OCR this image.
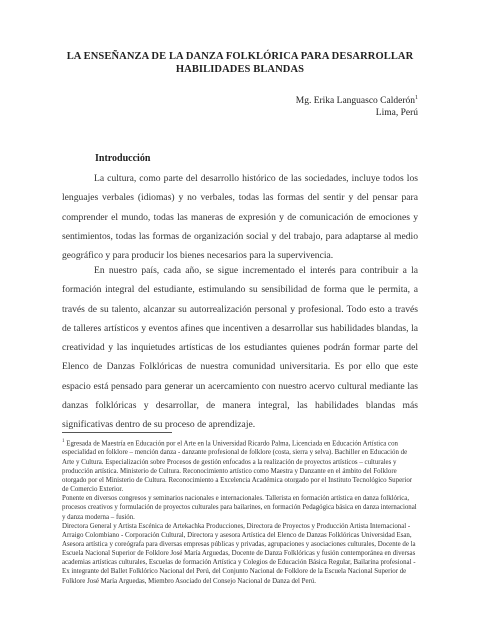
LA ENSEÑANZA DE LA DANZA FOLKLÓRICA PARA DESARROLLAR
HABILIDADES BLANDAS
Mg. Erika Languasco Calderón$^1$
Lima, Perú
Introducción

La cultura, como parte del desarrollo histórico de las sociedades, incluye todos los lenguajes verbales (idiomas) y no verbales, todas las formas del sentir y del pensar para comprender el mundo, todas las maneras de expresión y de comunicación de emociones y sentimientos, todas las formas de organización social y del trabajo, para adaptarse al medio geográfico y para producir los bienes necesarios para la supervivencia.

En nuestro país, cada año, se sigue incrementado el interés para contribuir a la formación integral del estudiante, estimulando su sensibilidad de forma que le permita, a través de su talento, alcanzar su autorrealización personal y profesional. Todo esto a través de talleres artísticos y eventos afines que incentiven a desarrollar sus habilidades blandas, la creatividad y las inquietudes artísticas de los estudiantes quienes podrán formar parte del Elenco de Danzas Folklóricas de nuestra comunidad universitaria. Es por ello que este espacio está pensado para generar un acercamiento con nuestro acervo cultural mediante las danzas folklóricas y desarrollar, de manera integral, las habilidades blandas más significativas dentro de su proceso de aprendizaje.

$^1$ Egresada de Maestría en Educación por el Arte en la Universidad Ricardo Palma, Licenciada en Educación Artística con especialidad en folklore – mención danza - danzante profesional de folklore (costa, sierra y selva). Bachiller en Educación de Arte y Cultura. Especialización sobre Procesos de gestión enfocados a la realización de proyectos artísticos – culturales y producción artística. Ministerio de Cultura. Reconocimiento artístico como Maestra y Danzante en el ámbito del Folklore otorgado por el Ministerio de Cultura. Reconocimiento a Excelencia Académica otorgado por el Instituto Tecnológico Superior de Comercio Exterior.

Ponente en diversos congresos y seminarios nacionales e internacionales. Tallerista en formación artística en danza folklórica, procesos creativos y formulación de proyectos culturales para bailarines, en formación Pedagógica básica en danza internacional y danza moderna – fusión.

Directora General y Artista Escénica de Artekachka Producciones, Directora de Proyectos y Producción Artista Internacional - Arraigo Colombiano - Corporación Cultural, Directora y asesora Artística del Elenco de Danzas Folklóricas Universidad Esan, Asesora artística y coreógrafa para diversas empresas públicas y privadas, agrupaciones y asociaciones culturales, Docente de la Escuela Nacional Superior de Folklore José María Arguedas, Docente de Danza Folklóricas y fusión contemporánea en diversas academias artísticas culturales, Escuelas de formación Artística y Colegios de Educación Básica Regular, Bailarina profesional - Ex integrante del Ballet Folklórico Nacional del Perú, del Conjunto Nacional de Folklore de la Escuela Nacional Superior de Folklore José María Arguedas, Miembro Asociado del Consejo Nacional de Danza del Perú.
